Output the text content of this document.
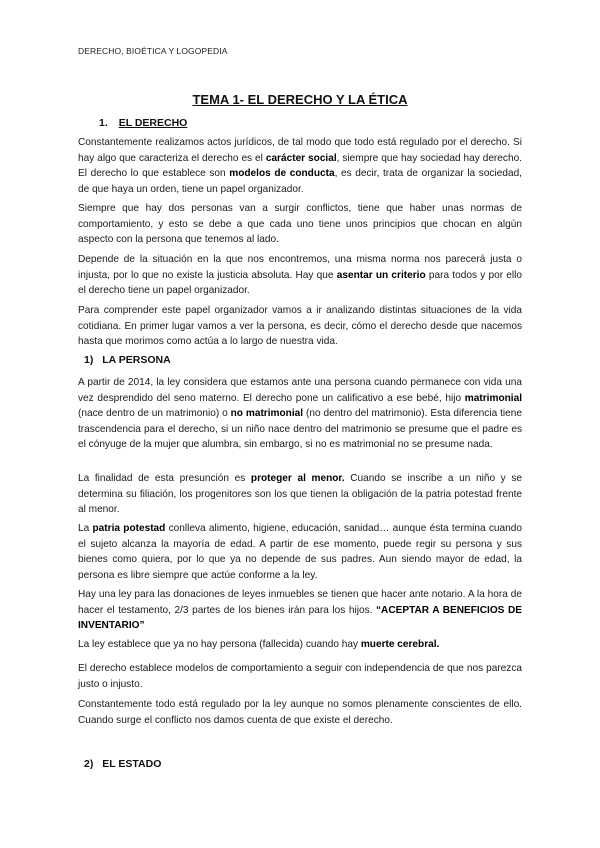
DERECHO, BIOÉTICA Y LOGOPEDIA
TEMA 1- EL DERECHO Y LA ÉTICA
1. EL DERECHO

Constantemente realizamos actos jurídicos, de tal modo que todo está regulado por el derecho. Si hay algo que caracteriza el derecho es el carácter social, siempre que hay sociedad hay derecho. El derecho lo que establece son modelos de conducta, es decir, trata de organizar la sociedad, de que haya un orden, tiene un papel organizador.

Siempre que hay dos personas van a surgir conflictos, tiene que haber unas normas de comportamiento, y esto se debe a que cada uno tiene unos principios que chocan en algún aspecto con la persona que tenemos al lado.

Depende de la situación en la que nos encontremos, una misma norma nos parecerá justa o injusta, por lo que no existe la justicia absoluta. Hay que asentar un criterio para todos y por ello el derecho tiene un papel organizador.

Para comprender este papel organizador vamos a ir analizando distintas situaciones de la vida cotidiana. En primer lugar vamos a ver la persona, es decir, cómo el derecho desde que nacemos hasta que morimos como actúa a lo largo de nuestra vida.

1) LA PERSONA

A partir de 2014, la ley considera que estamos ante una persona cuando permanece con vida una vez desprendido del seno materno. El derecho pone un calificativo a ese bebé, hijo matrimonial (nace dentro de un matrimonio) o no matrimonial (no dentro del matrimonio). Esta diferencia tiene trascendencia para el derecho, si un niño nace dentro del matrimonio se presume que el padre es el cónyuge de la mujer que alumbra, sin embargo, si no es matrimonial no se presume nada.

La finalidad de esta presunción es proteger al menor. Cuando se inscribe a un niño y se determina su filiación, los progenitores son los que tienen la obligación de la patria potestad frente al menor.

La patria potestad conlleva alimento, higiene, educación, sanidad… aunque ésta termina cuando el sujeto alcanza la mayoría de edad. A partir de ese momento, puede regir su persona y sus bienes como quiera, por lo que ya no depende de sus padres. Aun siendo mayor de edad, la persona es libre siempre que actúe conforme a la ley.

Hay una ley para las donaciones de leyes inmuebles se tienen que hacer ante notario. A la hora de hacer el testamento, 2/3 partes de los bienes irán para los hijos. “ACEPTAR A BENEFICIOS DE INVENTARIO”

La ley establece que ya no hay persona (fallecida) cuando hay muerte cerebral.

El derecho establece modelos de comportamiento a seguir con independencia de que nos parezca justo o injusto.

Constantemente todo está regulado por la ley aunque no somos plenamente conscientes de ello. Cuando surge el conflicto nos damos cuenta de que existe el derecho.

2) EL ESTADO
